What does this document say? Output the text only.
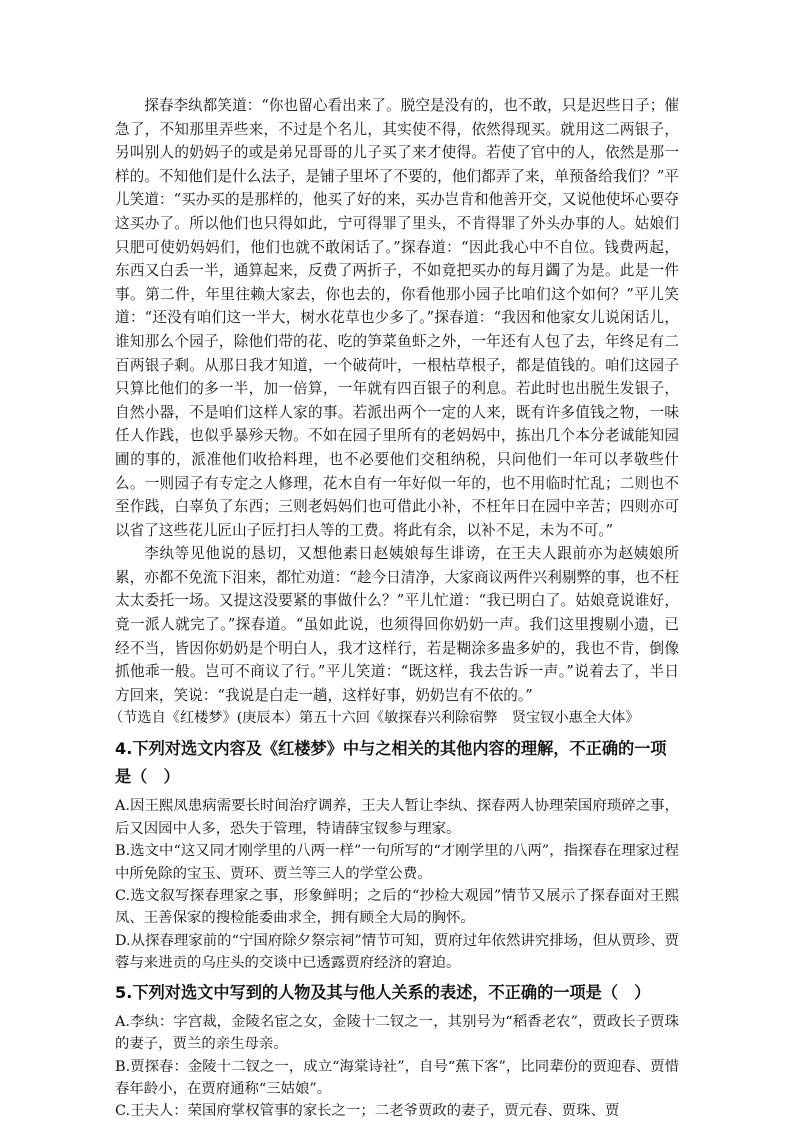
探春李纨都笑道：“你也留心看出来了。脱空是没有的，也不敢，只是迟些日子；催急了，不知那里弄些来，不过是个名儿，其实使不得，依然得现买。就用这二两银子，另叫别人的奶妈子的或是弟兄哥哥的儿子买了来才使得。若使了官中的人，依然是那一样的。不知他们是什么法子，是铺子里坏了不要的，他们都弄了来，单预备给我们？”平儿笑道：“买办买的是那样的，他买了好的来，买办岂肯和他善开交，又说他使坏心要夺这买办了。所以他们也只得如此，宁可得罪了里头，不肯得罪了外头办事的人。姑娘们只肥可使奶妈妈们，他们也就不敢闲话了。”探春道：“因此我心中不自位。钱费两起，东西又白丢一半，通算起来，反费了两折子，不如竟把买办的每月蠲了为是。此是一件事。第二件，年里往赖大家去，你也去的，你看他那小园子比咱们这个如何？”平儿笑道：“还没有咱们这一半大，树水花草也少多了。”探春道：“我因和他家女儿说闲话儿，谁知那么个园子，除他们带的花、吃的笋菜鱼虾之外，一年还有人包了去，年终足有二百两银子剩。从那日我才知道，一个破荷叶，一根枯草根子，都是值钱的。咱们这园子只算比他们的多一半，加一倍算，一年就有四百银子的利息。若此时也出脱生发银子，自然小器，不是咱们这样人家的事。若派出两个一定的人来，既有许多值钱之物，一味任人作践，也似乎暴殄天物。不如在园子里所有的老妈妈中，拣出几个本分老诚能知园圃的事的，派准他们收拾料理，也不必要他们交租纳税，只问他们一年可以孝敬些什么。一则园子有专定之人修理，花木自有一年好似一年的，也不用临时忙乱；二则也不至作践，白辜负了东西；三则老妈妈们也可借此小补，不枉年日在园中辛苦；四则亦可以省了这些花儿匠山子匠打扫人等的工费。将此有余，以补不足，未为不可。”

李纨等见他说的恳切，又想他素日赵姨娘每生诽谤，在王夫人跟前亦为赵姨娘所累，亦都不免流下泪来，都忙劝道：“趁今日清净，大家商议两件兴利剔弊的事，也不枉太太委托一场。又提这没要紧的事做什么？”平儿忙道：“我已明白了。姑娘竟说谁好，竟一派人就完了。”探春道。“虽如此说，也须得回你奶奶一声。我们这里搜剔小遗，已经不当，皆因你奶奶是个明白人，我才这样行，若是糊涂多蛊多妒的，我也不肯，倒像抓他乖一般。岂可不商议了行。”平儿笑道：“既这样，我去告诉一声。”说着去了，半日方回来，笑说：“我说是白走一趟，这样好事，奶奶岂有不依的。”

（节选自《红楼梦》(庚辰本）第五十六回《敏探春兴利除宿弊　贤宝钗小惠全大体》

4.下列对选文内容及《红楼梦》中与之相关的其他内容的理解，不正确的一项是（　）

A.因王熙凤患病需要长时间治疗调养，王夫人暂让李纨、探春两人协理荣国府琐碎之事，后又因园中人多，恐失于管理，特请薛宝钗参与理家。

B.选文中“这又同才刚学里的八两一样”一句所写的“才刚学里的八两”，指探春在理家过程中所免除的宝玉、贾环、贾兰等三人的学堂公费。

C.选文叙写探春理家之事，形象鲜明；之后的“抄检大观园”情节又展示了探春面对王熙凤、王善保家的搜检能委曲求全，拥有顾全大局的胸怀。

D.从探春理家前的“宁国府除夕祭宗祠”情节可知，贾府过年依然讲究排场，但从贾珍、贾蓉与来进贡的乌庄头的交谈中已透露贾府经济的窘迫。

5.下列对选文中写到的人物及其与他人关系的表述，不正确的一项是（　）

A.李纨：字宫裁，金陵名宦之女，金陵十二钗之一，其别号为“稻香老农”，贾政长子贾珠的妻子，贾兰的亲生母亲。

B.贾探春：金陵十二钗之一，成立“海棠诗社”，自号“蕉下客”，比同辈份的贾迎春、贾惜春年龄小，在贾府通称“三姑娘”。

C.王夫人：荣国府掌权管事的家长之一；二老爷贾政的妻子，贾元春、贾珠、贾
